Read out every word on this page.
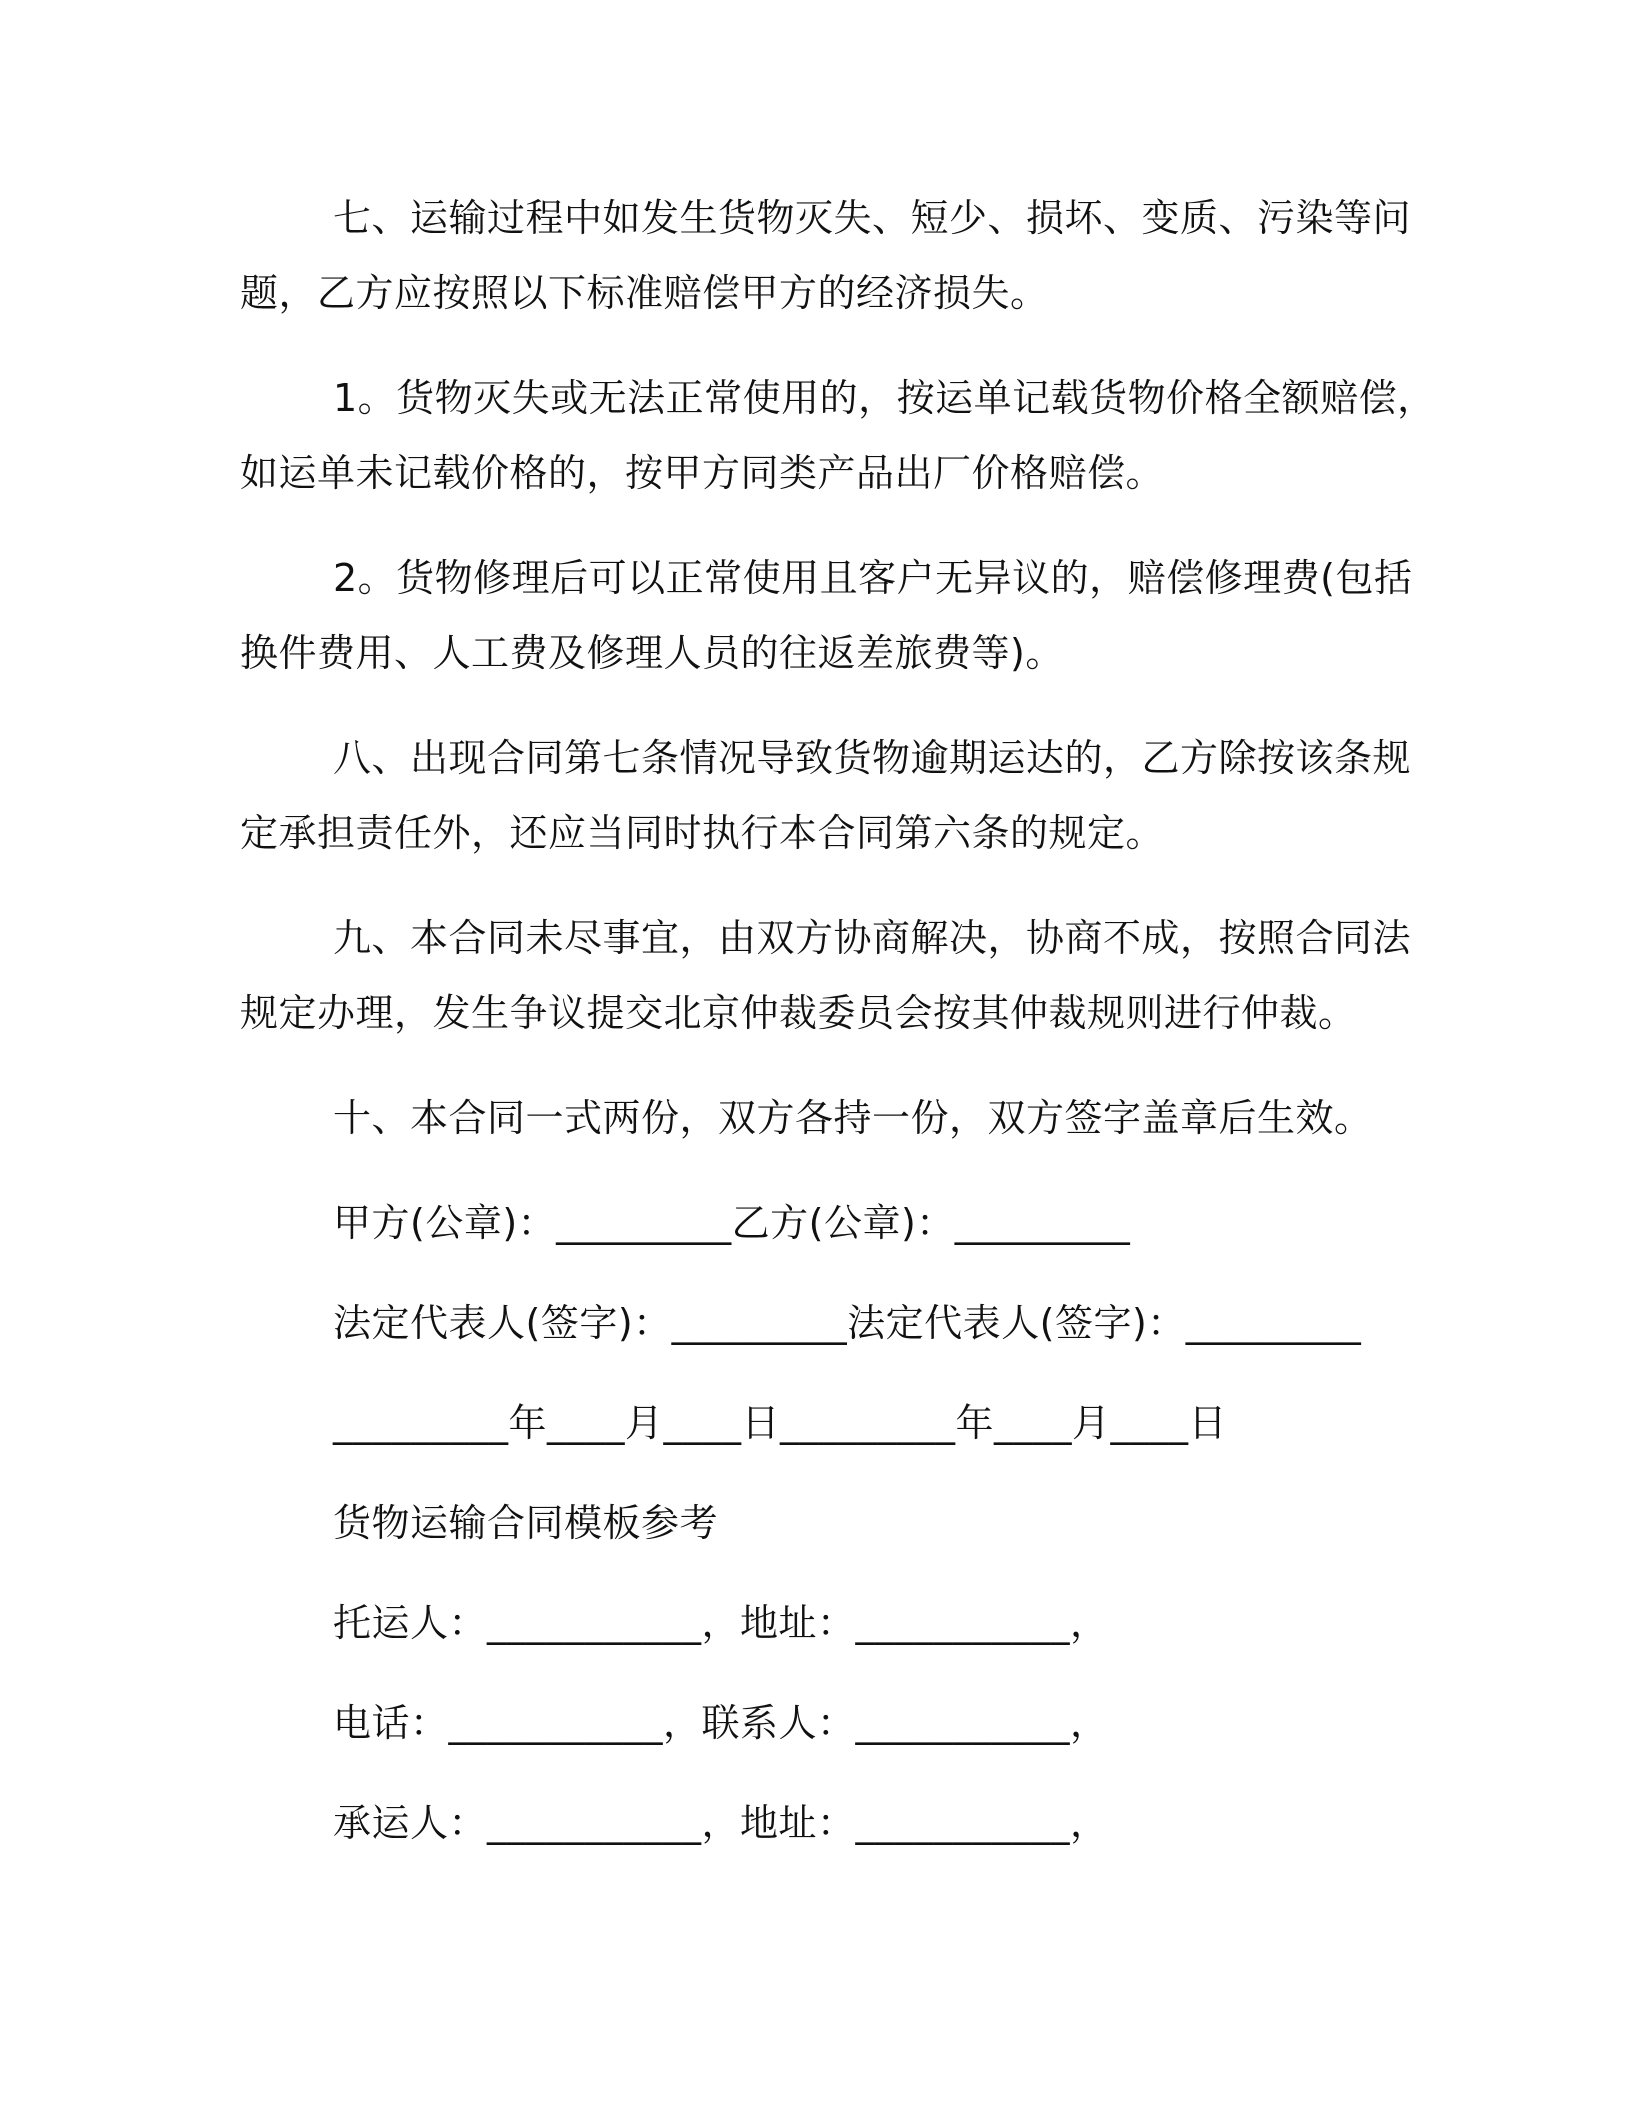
七、运输过程中如发生货物灭失、短少、损坏、变质、污染等问
题，乙方应按照以下标准赔偿甲方的经济损失。
1。货物灭失或无法正常使用的，按运单记载货物价格全额赔偿，
如运单未记载价格的，按甲方同类产品出厂价格赔偿。
2。货物修理后可以正常使用且客户无异议的，赔偿修理费(包括
换件费用、人工费及修理人员的往返差旅费等)。
八、出现合同第七条情况导致货物逾期运达的，乙方除按该条规
定承担责任外，还应当同时执行本合同第六条的规定。
九、本合同未尽事宜，由双方协商解决，协商不成，按照合同法
规定办理，发生争议提交北京仲裁委员会按其仲裁规则进行仲裁。
十、本合同一式两份，双方各持一份，双方签字盖章后生效。
甲方(公章)：_________乙方(公章)：_________
法定代表人(签字)：_________法定代表人(签字)：_________
_________年____月____日_________年____月____日
货物运输合同模板参考
托运人：___________，地址：___________，
电话：___________，联系人：___________，
承运人：___________，地址：___________，
